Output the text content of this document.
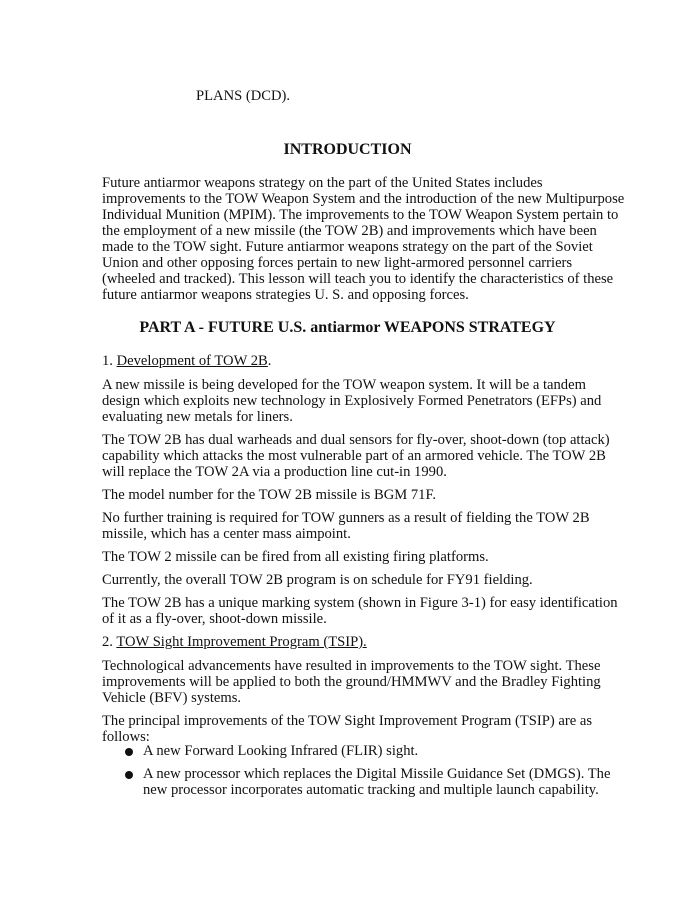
PLANS (DCD).

INTRODUCTION

Future antiarmor weapons strategy on the part of the United States includes

improvements to the TOW Weapon System and the introduction of the new Multipurpose

Individual Munition (MPIM). The improvements to the TOW Weapon System pertain to

the employment of a new missile (the TOW 2B) and improvements which have been

made to the TOW sight. Future antiarmor weapons strategy on the part of the Soviet

Union and other opposing forces pertain to new light-armored personnel carriers

(wheeled and tracked). This lesson will teach you to identify the characteristics of these

future antiarmor weapons strategies U. S. and opposing forces.

PART A - FUTURE U.S. antiarmor WEAPONS STRATEGY

1. Development of TOW 2B.

A new missile is being developed for the TOW weapon system. It will be a tandem

design which exploits new technology in Explosively Formed Penetrators (EFPs) and

evaluating new metals for liners.

The TOW 2B has dual warheads and dual sensors for fly-over, shoot-down (top attack)

capability which attacks the most vulnerable part of an armored vehicle. The TOW 2B

will replace the TOW 2A via a production line cut-in 1990.

The model number for the TOW 2B missile is BGM 71F.

No further training is required for TOW gunners as a result of fielding the TOW 2B

missile, which has a center mass aimpoint.

The TOW 2 missile can be fired from all existing firing platforms.

Currently, the overall TOW 2B program is on schedule for FY91 fielding.

The TOW 2B has a unique marking system (shown in Figure 3-1) for easy identification

of it as a fly-over, shoot-down missile.

2. TOW Sight Improvement Program (TSIP).

Technological advancements have resulted in improvements to the TOW sight. These

improvements will be applied to both the ground/HMMWV and the Bradley Fighting

Vehicle (BFV) systems.

The principal improvements of the TOW Sight Improvement Program (TSIP) are as

follows:

A new Forward Looking Infrared (FLIR) sight.

A new processor which replaces the Digital Missile Guidance Set (DMGS). The

new processor incorporates automatic tracking and multiple launch capability.
